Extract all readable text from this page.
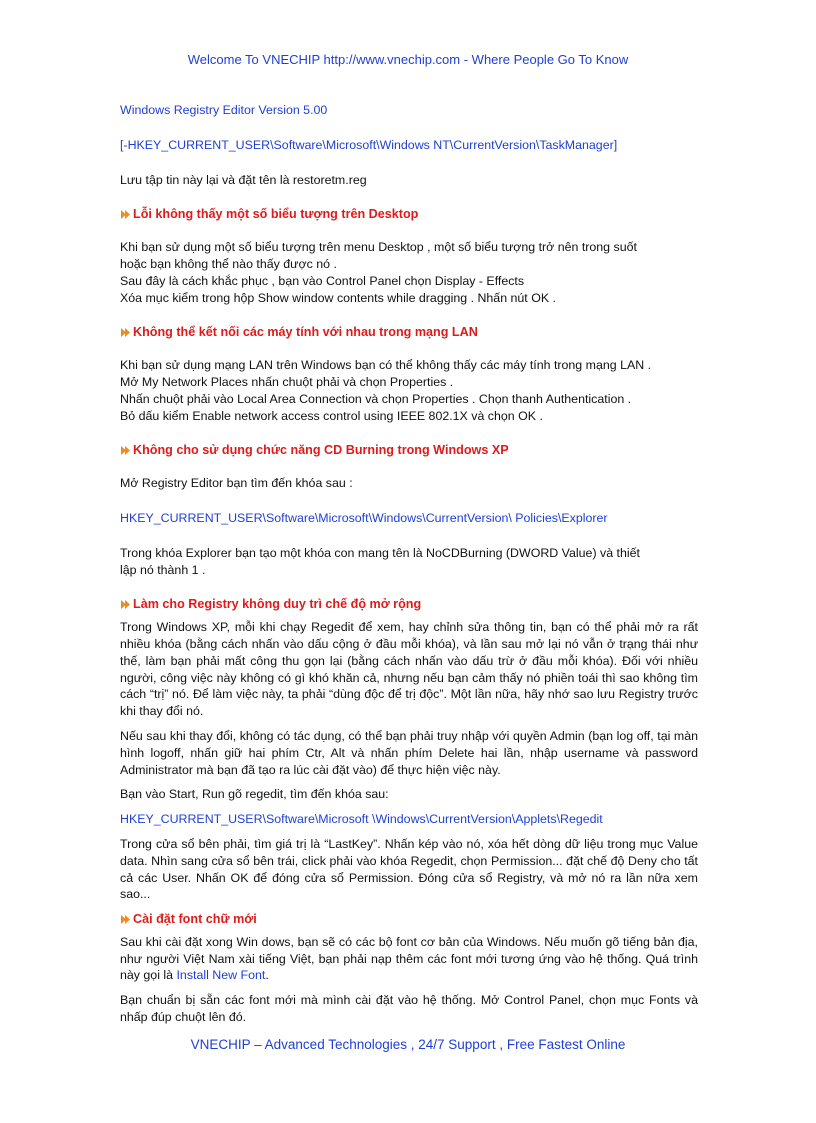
Welcome To VNECHIP http://www.vnechip.com - Where People Go To Know

Windows Registry Editor Version 5.00

[-HKEY_CURRENT_USER\Software\Microsoft\Windows NT\CurrentVersion\TaskManager]

Lưu tập tin này lại và đặt tên là restoretm.reg

Lỗi không thấy một số biểu tượng trên Desktop

Khi bạn sử dụng một số biểu tượng trên menu Desktop , một số biểu tượng trở nên trong suốt

hoặc bạn không thể nào thấy được nó .

Sau đây là cách khắc phục , bạn vào Control Panel chọn Display - Effects

Xóa mục kiểm trong hộp Show window contents while dragging . Nhấn nút OK .

Không thể kết nối các máy tính với nhau trong mạng LAN

Khi bạn sử dụng mạng LAN trên Windows bạn có thể không thấy các máy tính trong mạng LAN .

Mở My Network Places nhấn chuột phải và chọn Properties .

Nhấn chuột phải vào Local Area Connection và chọn Properties . Chọn thanh Authentication .

Bỏ dấu kiểm Enable network access control using IEEE 802.1X và chọn OK .

Không cho sử dụng chức năng CD Burning trong Windows XP

Mở Registry Editor bạn tìm đến khóa sau :

HKEY_CURRENT_USER\Software\Microsoft\Windows\CurrentVersion\ Policies\Explorer

Trong khóa Explorer bạn tạo một khóa con mang tên là NoCDBurning (DWORD Value) và thiết

lập nó thành 1 .

Làm cho Registry không duy trì chế độ mở rộng

Trong Windows XP, mỗi khi chạy Regedit để xem, hay chỉnh sửa thông tin, bạn có thể phải mở ra rất nhiều khóa (bằng cách nhấn vào dấu cộng ở đầu mỗi khóa), và lần sau mở lại nó vẫn ở trạng thái như thế, làm bạn phải mất công thu gọn lại (bằng cách nhấn vào dấu trừ ở đầu mỗi khóa). Đối với nhiều người, công việc này không có gì khó khăn cả, nhưng nếu bạn cảm thấy nó phiền toái thì sao không tìm cách “trị” nó. Để làm việc này, ta phải “dùng độc để trị độc”. Một lần nữa, hãy nhớ sao lưu Registry trước khi thay đổi nó.

Nếu sau khi thay đổi, không có tác dụng, có thể bạn phải truy nhập với quyền Admin (bạn log off, tại màn hình logoff, nhấn giữ hai phím Ctr, Alt và nhấn phím Delete hai lần, nhập username và password Administrator mà bạn đã tạo ra lúc cài đặt vào) để thực hiện việc này.

Bạn vào Start, Run gõ regedit, tìm đến khóa sau:

HKEY_CURRENT_USER\Software\Microsoft \Windows\CurrentVersion\Applets\Regedit

Trong cửa sổ bên phải, tìm giá trị là “LastKey”. Nhấn kép vào nó, xóa hết dòng dữ liệu trong mục Value data. Nhìn sang cửa sổ bên trái, click phải vào khóa Regedit, chọn Permission... đặt chế độ Deny cho tất cả các User. Nhấn OK để đóng cửa sổ Permission. Đóng cửa sổ Registry, và mở nó ra lần nữa xem sao...

Cài đặt font chữ mới

Sau khi cài đặt xong Win dows, bạn sẽ có các bộ font cơ bản của Windows. Nếu muốn gõ tiếng bản địa, như người Việt Nam xài tiếng Việt, bạn phải nạp thêm các font mới tương ứng vào hệ thống. Quá trình này gọi là Install New Font.

Bạn chuẩn bị sẵn các font mới mà mình cài đặt vào hệ thống. Mở Control Panel, chọn mục Fonts và nhấp đúp chuột lên đó.

VNECHIP – Advanced Technologies , 24/7 Support , Free Fastest Online
